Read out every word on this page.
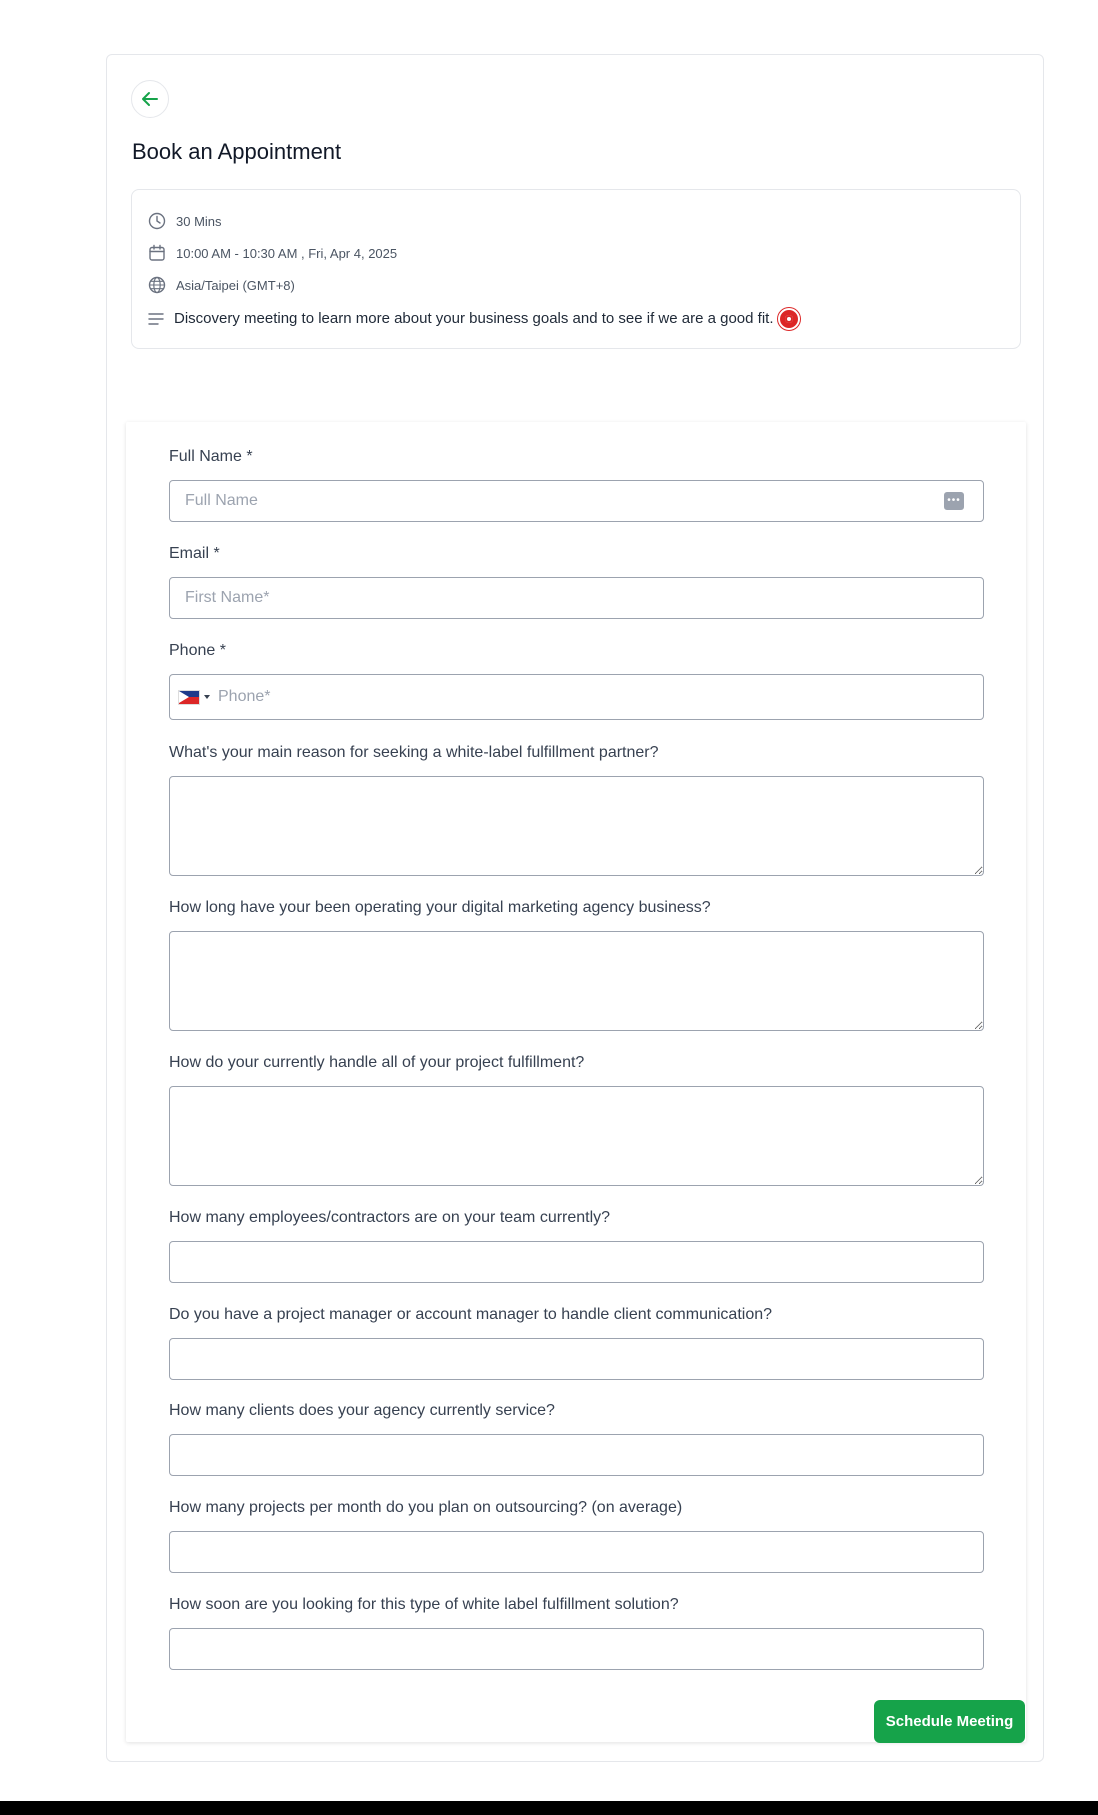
Book an Appointment
30 Mins
10:00 AM - 10:30 AM , Fri, Apr 4, 2025
Asia/Taipei (GMT+8)
Discovery meeting to learn more about your business goals and to see if we are a good fit.
Full Name *
Full Name
•••
Email *
First Name*
Phone *
Phone*
What's your main reason for seeking a white-label fulfillment partner?
How long have your been operating your digital marketing agency business?
How do your currently handle all of your project fulfillment?
How many employees/contractors are on your team currently?
Do you have a project manager or account manager to handle client communication?
How many clients does your agency currently service?
How many projects per month do you plan on outsourcing? (on average)
How soon are you looking for this type of white label fulfillment solution?
Schedule Meeting
